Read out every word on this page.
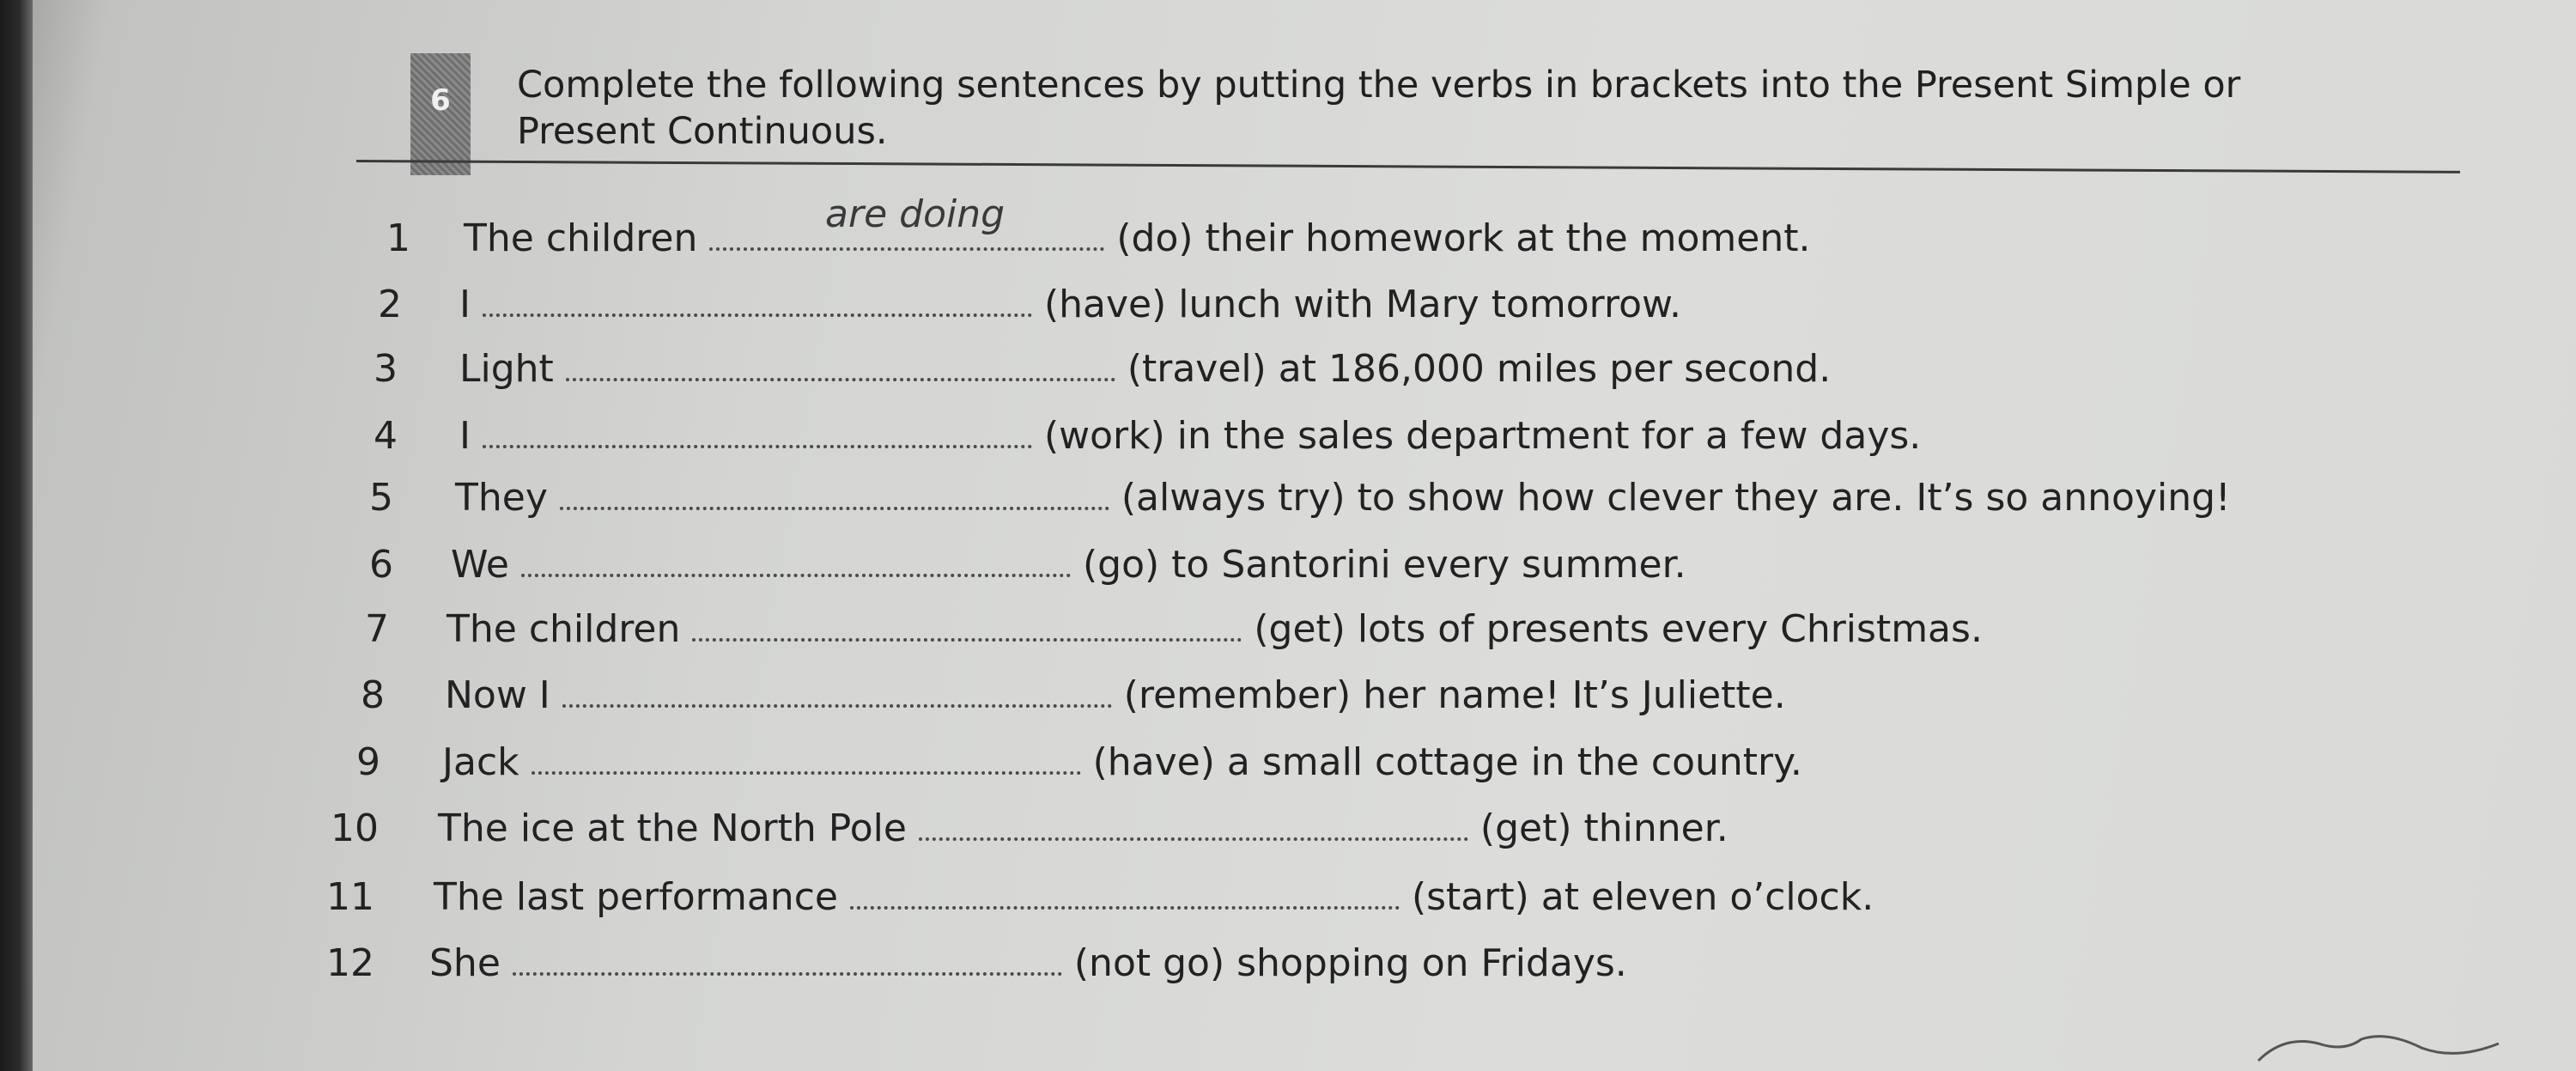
6	Complete the following sentences by putting the verbs in brackets into the Present Simple or Present Continuous.
1 The children
are doing
(do) their homework at the moment.
2 I	(have) lunch with Mary tomorrow.
3 Light	(travel) at 186,000 miles per second.
4 I	(work) in the sales department for a few days.
5 They	(always try) to show how clever they are. It’s so annoying!
6 We	(go) to Santorini every summer.
7 The children	(get) lots of presents every Christmas.
8 Now I	(remember) her name! It’s Juliette.
9 Jack	(have) a small cottage in the country.
10 The ice at the North Pole	(get) thinner.
11 The last performance	(start) at eleven o’clock.
12 She	(not go) shopping on Fridays.
